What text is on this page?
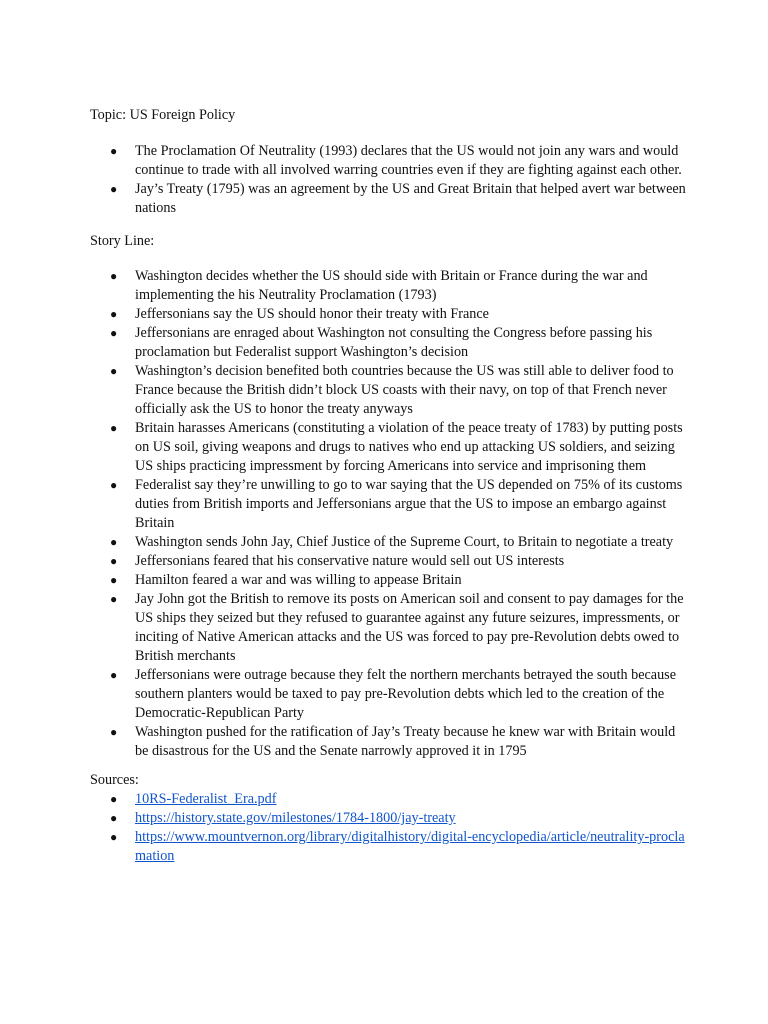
Topic: US Foreign Policy

● The Proclamation Of Neutrality (1993) declares that the US would not join any wars and would continue to trade with all involved warring countries even if they are fighting against each other.
● Jay’s Treaty (1795) was an agreement by the US and Great Britain that helped avert war between nations

Story Line:

● Washington decides whether the US should side with Britain or France during the war and implementing the his Neutrality Proclamation (1793)
● Jeffersonians say the US should honor their treaty with France
● Jeffersonians are enraged about Washington not consulting the Congress before passing his proclamation but Federalist support Washington’s decision
● Washington’s decision benefited both countries because the US was still able to deliver food to France because the British didn’t block US coasts with their navy, on top of that French never officially ask the US to honor the treaty anyways
● Britain harasses Americans (constituting a violation of the peace treaty of 1783) by putting posts on US soil, giving weapons and drugs to natives who end up attacking US soldiers, and seizing US ships practicing impressment by forcing Americans into service and imprisoning them
● Federalist say they’re unwilling to go to war saying that the US depended on 75% of its customs duties from British imports and Jeffersonians argue that the US to impose an embargo against Britain
● Washington sends John Jay, Chief Justice of the Supreme Court, to Britain to negotiate a treaty
● Jeffersonians feared that his conservative nature would sell out US interests
● Hamilton feared a war and was willing to appease Britain
● Jay John got the British to remove its posts on American soil and consent to pay damages for the US ships they seized but they refused to guarantee against any future seizures, impressments, or inciting of Native American attacks and the US was forced to pay pre-Revolution debts owed to British merchants
● Jeffersonians were outrage because they felt the northern merchants betrayed the south because southern planters would be taxed to pay pre-Revolution debts which led to the creation of the Democratic-Republican Party
● Washington pushed for the ratification of Jay’s Treaty because he knew war with Britain would be disastrous for the US and the Senate narrowly approved it in 1795

Sources:

● 10RS-Federalist_Era.pdf
● https://history.state.gov/milestones/1784-1800/jay-treaty
● https://www.mountvernon.org/library/digitalhistory/digital-encyclopedia/article/neutrality-proclamation
